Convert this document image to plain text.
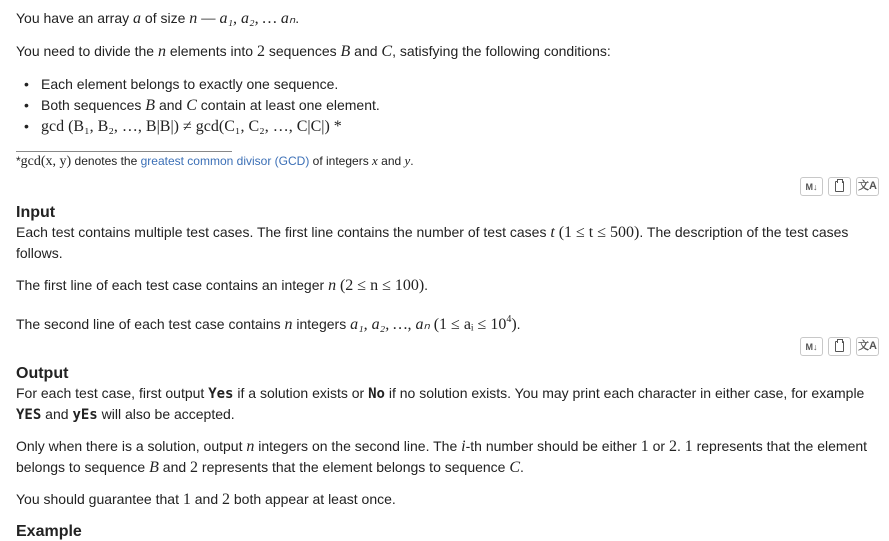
You have an array a of size n — a₁, a₂, … aₙ.

You need to divide the n elements into 2 sequences B and C, satisfying the following conditions:

• Each element belongs to exactly one sequence.
• Both sequences B and C contain at least one element.
• gcd (B₁, B₂, …, B|B|) ≠ gcd(C₁, C₂, …, C|C|) *
*gcd(x, y) denotes the greatest common divisor (GCD) of integers x and y.
M↓	文A
Input

Each test contains multiple test cases. The first line contains the number of test cases t (1 ≤ t ≤ 500). The description of the test cases follows.

The first line of each test case contains an integer n (2 ≤ n ≤ 100).

The second line of each test case contains n integers a₁, a₂, …, aₙ (1 ≤ aᵢ ≤ $10^4$).

M↓	文A
Output

For each test case, first output Yes if a solution exists or No if no solution exists. You may print each character in either case, for example YES and yEs will also be accepted.

Only when there is a solution, output n integers on the second line. The i-th number should be either 1 or 2. 1 represents that the element belongs to sequence B and 2 represents that the element belongs to sequence C.

You should guarantee that 1 and 2 both appear at least once.

Example
